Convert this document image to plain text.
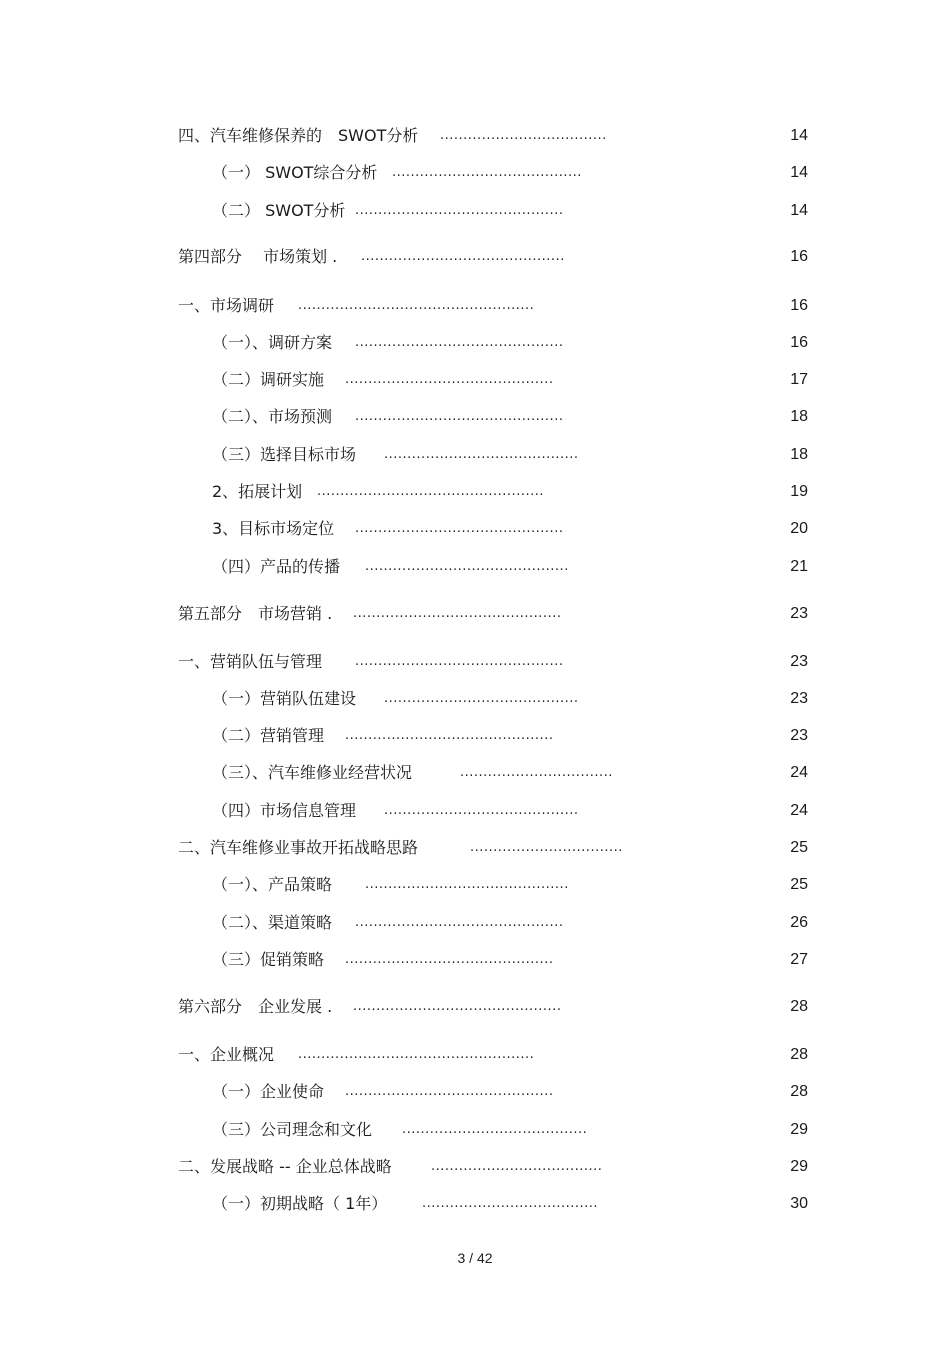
四、汽车维修保养的　SWOT分析 ....................................	14
（一） SWOT综合分析 .........................................	14
（二） SWOT分析 .............................................	14
第四部分　 市场策划 . ............................................	16
一、市场调研 ...................................................	16
（一）、调研方案 .............................................	16
（二）调研实施 .............................................	17
（二）、市场预测 .............................................	18
（三）选择目标市场 ..........................................	18
2、拓展计划 .................................................	19
3、目标市场定位 .............................................	20
（四）产品的传播 ............................................	21
第五部分　市场营销 . .............................................	23
一、营销队伍与管理	.............................................	23
（一）营销队伍建设 ..........................................	23
（二）营销管理 .............................................	23
（三）、汽车维修业经营状况	.................................	24
（四）市场信息管理 ..........................................	24
二、汽车维修业事故开拓战略思路	.................................	25
（一）、产品策略	............................................	25
（二）、渠道策略 .............................................	26
（三）促销策略 .............................................	27
第六部分　企业发展 . .............................................	28
一、企业概况 ...................................................	28
（一）企业使命 .............................................	28
（三）公司理念和文化 ........................................	29
二、发展战略 -- 企业总体战略	.....................................	29
（一）初期战略（ 1年）	......................................	30
3 / 42
